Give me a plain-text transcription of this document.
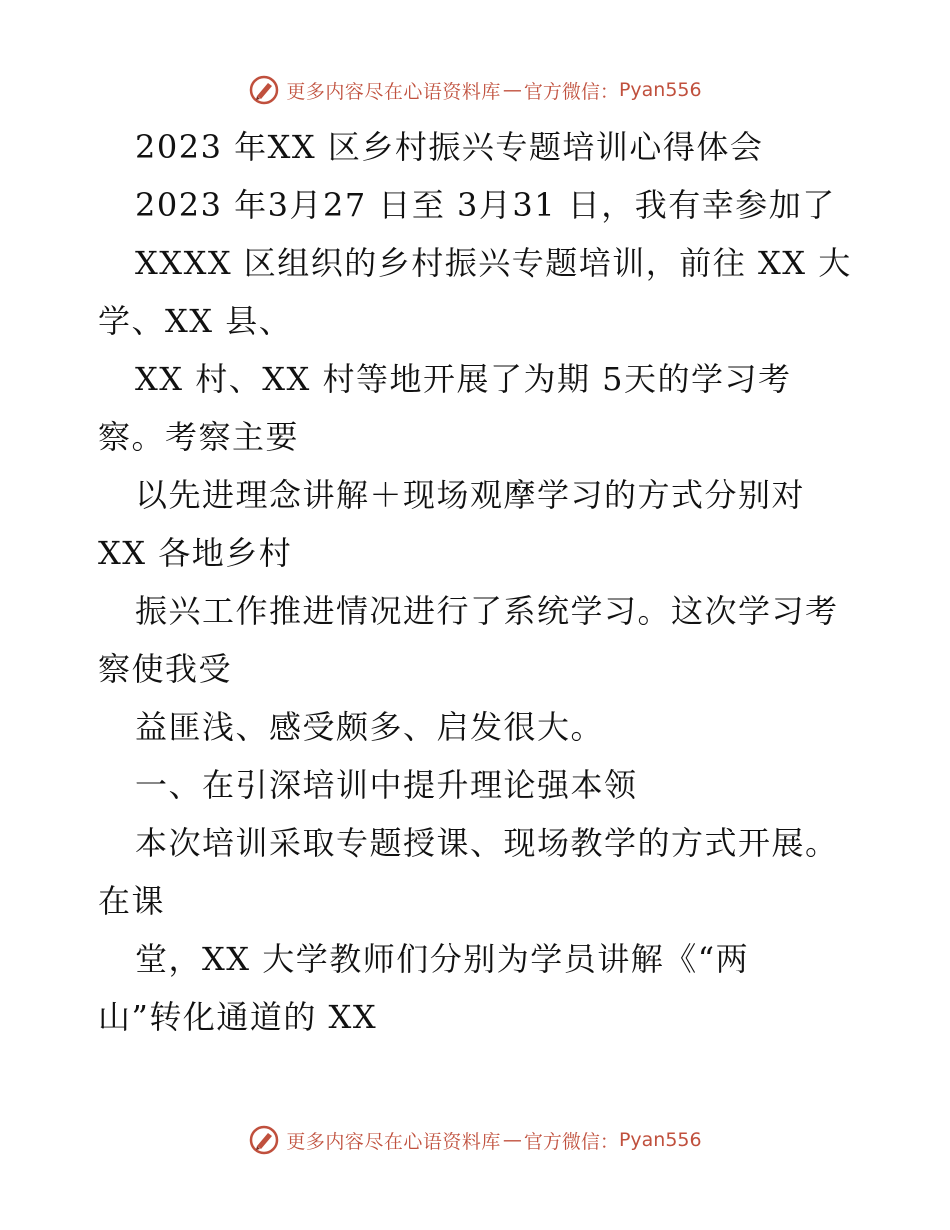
更多内容尽在心语资料库 — 官方微信： Pyan556
2023 年XX 区乡村振兴专题培训心得体会
2023 年3月27 日至 3月31 日，我有幸参加了
XXXX 区组织的乡村振兴专题培训，前往 XX 大
学、XX 县、
XX 村、XX 村等地开展了为期 5天的学习考
察。考察主要
以先进理念讲解＋现场观摩学习的方式分别对
XX 各地乡村
振兴工作推进情况进行了系统学习。这次学习考
察使我受
益匪浅、感受颇多、启发很大。
一、在引深培训中提升理论强本领
本次培训采取专题授课、现场教学的方式开展。
在课
堂，XX 大学教师们分别为学员讲解《“两
山”转化通道的 XX
更多内容尽在心语资料库 — 官方微信： Pyan556
